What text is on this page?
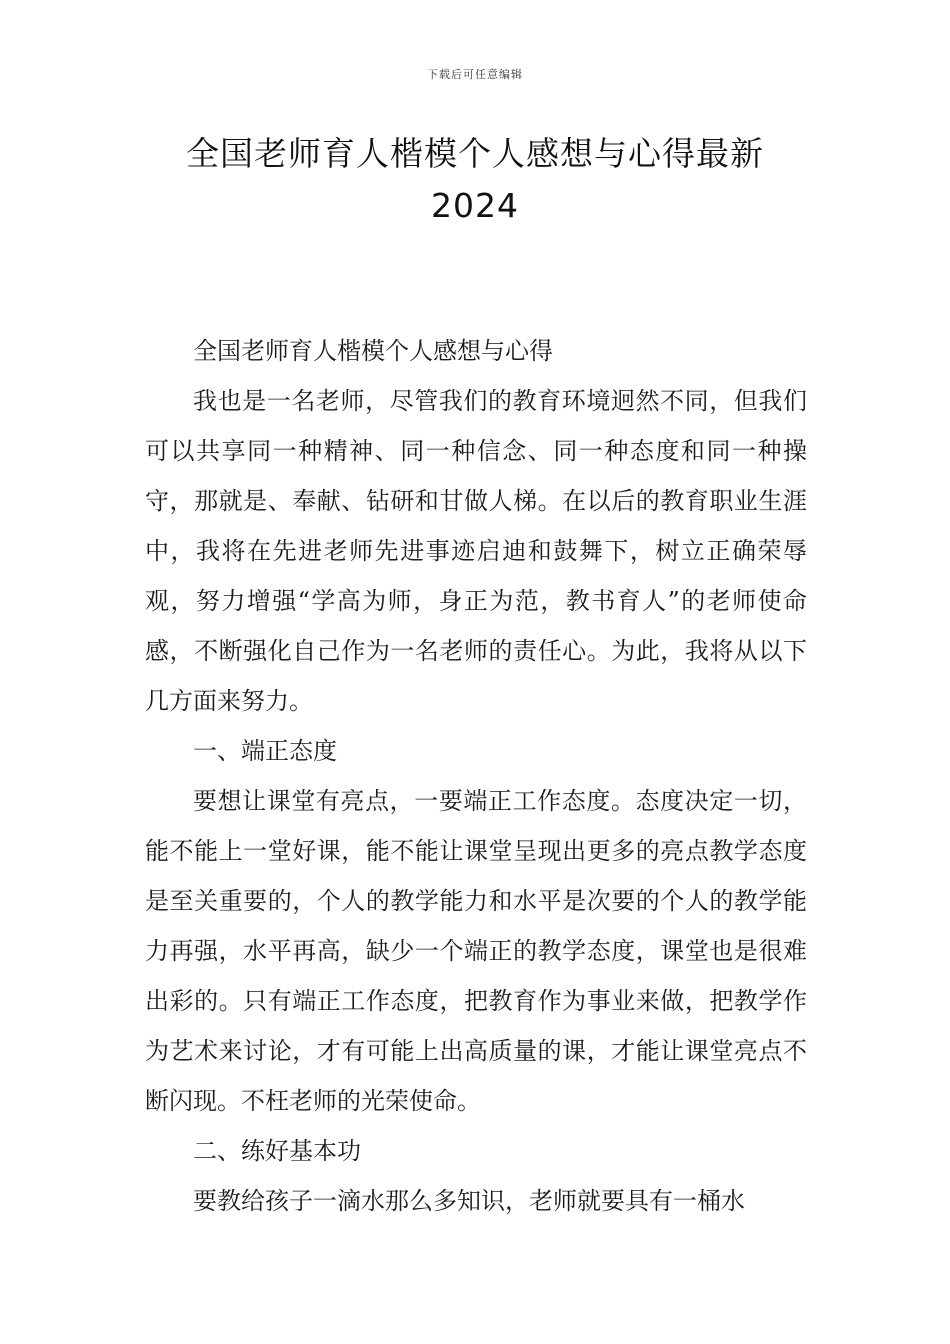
下载后可任意编辑
全国老师育人楷模个人感想与心得最新
2024

全国老师育人楷模个人感想与心得

我也是一名老师，尽管我们的教育环境迥然不同，但我们可以共享同一种精神、同一种信念、同一种态度和同一种操守，那就是、奉献、钻研和甘做人梯。在以后的教育职业生涯中，我将在先进老师先进事迹启迪和鼓舞下，树立正确荣辱观，努力增强“学高为师，身正为范，教书育人”的老师使命感，不断强化自己作为一名老师的责任心。为此，我将从以下几方面来努力。

一、端正态度

要想让课堂有亮点，一要端正工作态度。态度决定一切，能不能上一堂好课，能不能让课堂呈现出更多的亮点教学态度是至关重要的，个人的教学能力和水平是次要的个人的教学能力再强，水平再高，缺少一个端正的教学态度，课堂也是很难出彩的。只有端正工作态度，把教育作为事业来做，把教学作为艺术来讨论，才有可能上出高质量的课，才能让课堂亮点不断闪现。不枉老师的光荣使命。

二、练好基本功

要教给孩子一滴水那么多知识，老师就要具有一桶水
